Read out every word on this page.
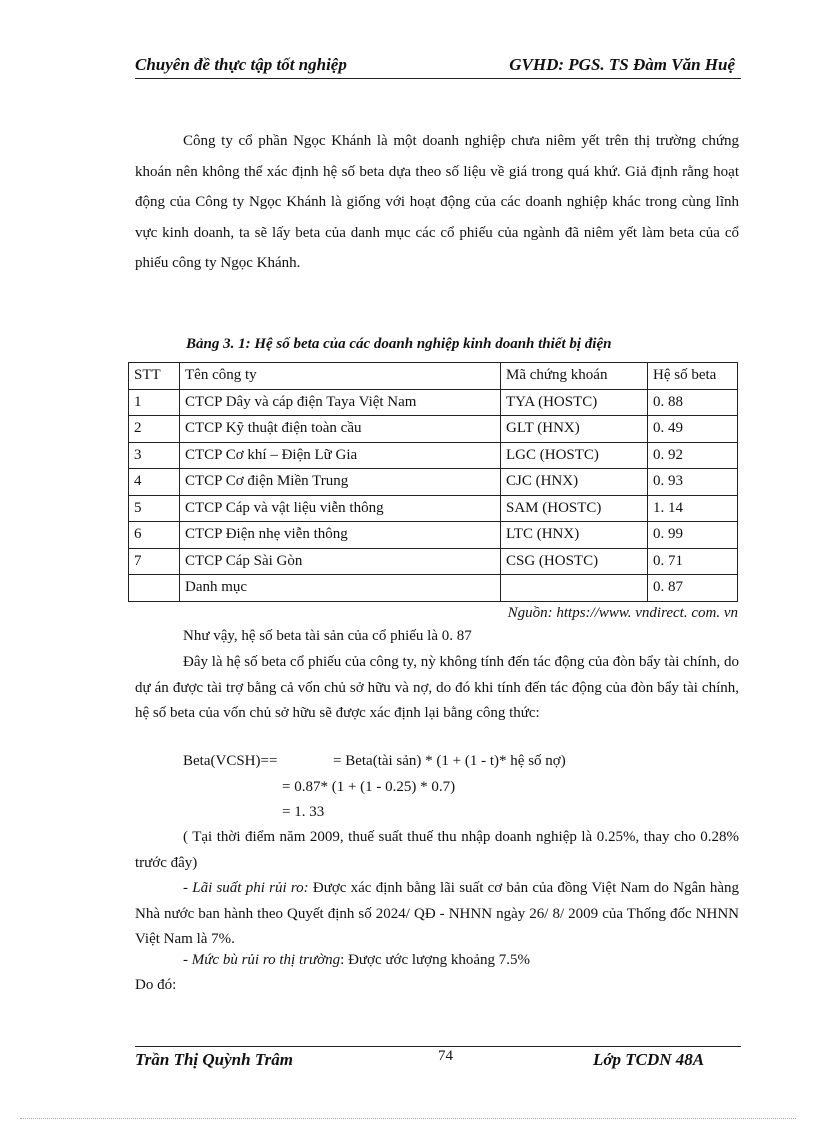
Chuyên đề thực tập tốt nghiệp	GVHD: PGS. TS Đàm Văn Huệ
Công ty cổ phần Ngọc Khánh là một doanh nghiệp chưa niêm yết trên thị trường chứng khoán nên không thể xác định hệ số beta dựa theo số liệu về giá trong quá khứ. Giả định rằng hoạt động của Công ty Ngọc Khánh là giống với hoạt động của các doanh nghiệp khác trong cùng lĩnh vực kinh doanh, ta sẽ lấy beta của danh mục các cổ phiếu của ngành đã niêm yết làm beta của cổ phiếu công ty Ngọc Khánh.
Bảng 3. 1: Hệ số beta của các doanh nghiệp kinh doanh thiết bị điện
STT	Tên công ty	Mã chứng khoán	Hệ số beta
1	CTCP Dây và cáp điện Taya Việt Nam	TYA (HOSTC)	0. 88
2	CTCP Kỹ thuật điện toàn cầu	GLT (HNX)	0. 49
3	CTCP Cơ khí – Điện Lữ Gia	LGC (HOSTC)	0. 92
4	CTCP Cơ điện Miền Trung	CJC (HNX)	0. 93
5	CTCP Cáp và vật liệu viễn thông	SAM (HOSTC)	1. 14
6	CTCP Điện nhẹ viễn thông	LTC (HNX)	0. 99
7	CTCP Cáp Sài Gòn	CSG (HOSTC)	0. 71
	Danh mục		0. 87
Nguồn: https://www. vndirect. com. vn
Như vậy, hệ số beta tài sản của cổ phiếu là 0. 87
Đây là hệ số beta cổ phiếu của công ty, nỳ không tính đến tác động của đòn bẩy tài chính, do dự án được tài trợ bằng cả vốn chủ sở hữu và nợ, do đó khi tính đến tác động của đòn bẩy tài chính, hệ số beta của vốn chủ sở hữu sẽ được xác định lại bằng công thức:
Beta(VCSH)==	= Beta(tài sản) * (1 + (1 - t)* hệ số nợ)
= 0.87* (1 + (1 - 0.25) * 0.7)
= 1. 33
( Tại thời điểm năm 2009, thuế suất thuế thu nhập doanh nghiệp là 0.25%, thay cho 0.28% trước đây)
- Lãi suất phi rủi ro: Được xác định bằng lãi suất cơ bản của đồng Việt Nam do Ngân hàng Nhà nước ban hành theo Quyết định số 2024/ QĐ - NHNN ngày 26/ 8/ 2009 của Thống đốc NHNN Việt Nam là 7%.
- Mức bù rủi ro thị trường: Được ước lượng khoảng 7.5%
Do đó:
Trần Thị Quỳnh Trâm	74	Lớp TCDN 48A
